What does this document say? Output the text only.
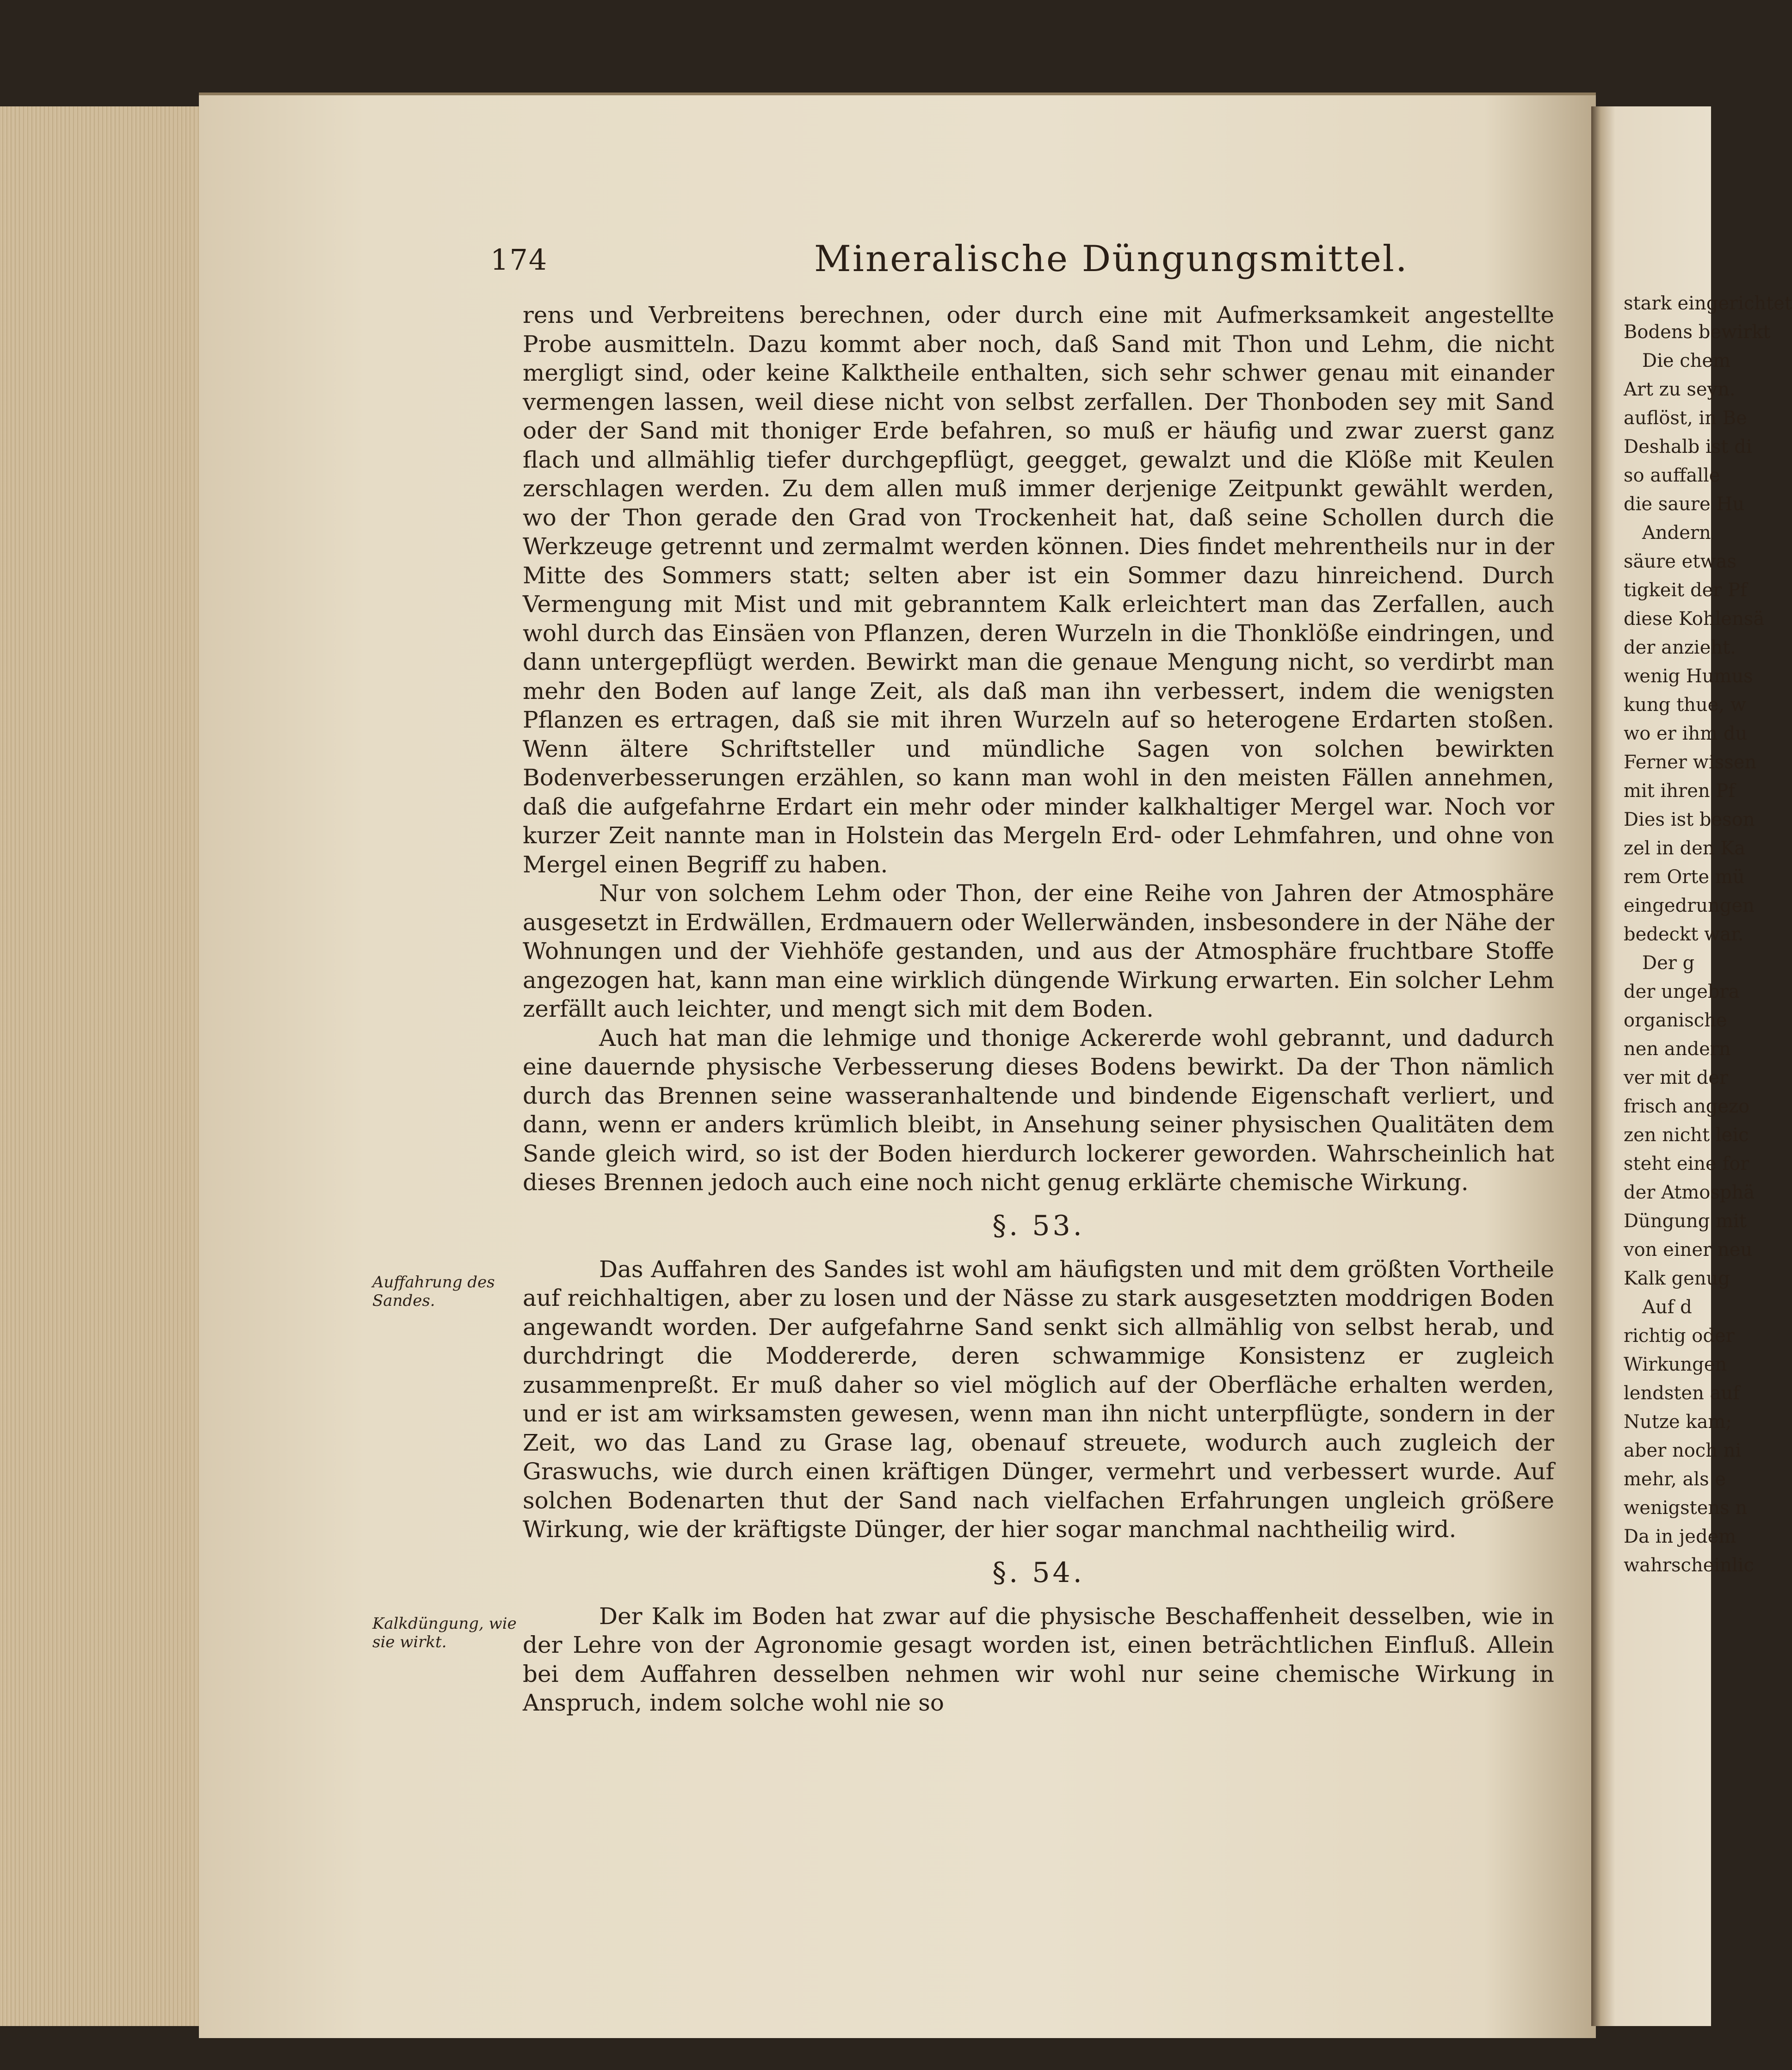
174	Mineralische Düngungsmittel.

rens und Verbreitens berechnen, oder durch eine mit Aufmerksamkeit angestellte Probe ausmitteln. Dazu kommt aber noch, daß Sand mit Thon und Lehm, die nicht mergligt sind, oder keine Kalktheile enthalten, sich sehr schwer genau mit einander vermengen lassen, weil diese nicht von selbst zerfallen. Der Thonboden sey mit Sand oder der Sand mit thoniger Erde befahren, so muß er häufig und zwar zuerst ganz flach und allmählig tiefer durchgepflügt, geegget, gewalzt und die Klöße mit Keulen zerschlagen werden. Zu dem allen muß immer derjenige Zeitpunkt gewählt werden, wo der Thon gerade den Grad von Trockenheit hat, daß seine Schollen durch die Werkzeuge getrennt und zermalmt werden können. Dies findet mehrentheils nur in der Mitte des Sommers statt; selten aber ist ein Sommer dazu hinreichend. Durch Vermengung mit Mist und mit gebranntem Kalk erleichtert man das Zerfallen, auch wohl durch das Einsäen von Pflanzen, deren Wurzeln in die Thonklöße eindringen, und dann untergepflügt werden. Bewirkt man die genaue Mengung nicht, so verdirbt man mehr den Boden auf lange Zeit, als daß man ihn verbessert, indem die wenigsten Pflanzen es ertragen, daß sie mit ihren Wurzeln auf so heterogene Erdarten stoßen. Wenn ältere Schriftsteller und mündliche Sagen von solchen bewirkten Bodenverbesserungen erzählen, so kann man wohl in den meisten Fällen annehmen, daß die aufgefahrne Erdart ein mehr oder minder kalkhaltiger Mergel war. Noch vor kurzer Zeit nannte man in Holstein das Mergeln Erd- oder Lehmfahren, und ohne von Mergel einen Begriff zu haben.

Nur von solchem Lehm oder Thon, der eine Reihe von Jahren der Atmosphäre ausgesetzt in Erdwällen, Erdmauern oder Wellerwänden, insbesondere in der Nähe der Wohnungen und der Viehhöfe gestanden, und aus der Atmosphäre fruchtbare Stoffe angezogen hat, kann man eine wirklich düngende Wirkung erwarten. Ein solcher Lehm zerfällt auch leichter, und mengt sich mit dem Boden.

Auch hat man die lehmige und thonige Ackererde wohl gebrannt, und dadurch eine dauernde physische Verbesserung dieses Bodens bewirkt. Da der Thon nämlich durch das Brennen seine wasseranhaltende und bindende Eigenschaft verliert, und dann, wenn er anders krümlich bleibt, in Ansehung seiner physischen Qualitäten dem Sande gleich wird, so ist der Boden hierdurch lockerer geworden. Wahrscheinlich hat dieses Brennen jedoch auch eine noch nicht genug erklärte chemische Wirkung.

§. 53.

Das Auffahren des Sandes ist wohl am häufigsten und mit dem größten Vortheile auf reichhaltigen, aber zu losen und der Nässe zu stark ausgesetzten moddrigen Boden angewandt worden. Der aufgefahrne Sand senkt sich allmählig von selbst herab, und durchdringt die Moddererde, deren schwammige Konsistenz er zugleich zusammenpreßt. Er muß daher so viel möglich auf der Oberfläche erhalten werden, und er ist am wirksamsten gewesen, wenn man ihn nicht unterpflügte, sondern in der Zeit, wo das Land zu Grase lag, obenauf streuete, wodurch auch zugleich der Graswuchs, wie durch einen kräftigen Dünger, vermehrt und verbessert wurde. Auf solchen Bodenarten thut der Sand nach vielfachen Erfahrungen ungleich größere Wirkung, wie der kräftigste Dünger, der hier sogar manchmal nachtheilig wird.

§. 54.

Der Kalk im Boden hat zwar auf die physische Beschaffenheit desselben, wie in der Lehre von der Agronomie gesagt worden ist, einen beträchtlichen Einfluß. Allein bei dem Auffahren desselben nehmen wir wohl nur seine chemische Wirkung in Anspruch, indem solche wohl nie so

Auffahrung des Sandes.
Kalkdüngung, wie sie wirkt.
stark eingerichtet
Bodens bewirkt
Die chem
Art zu seyn.
auflöst, in Be
Deshalb ist di
so auffalle
die saure Hu
Andern
säure etwas
tigkeit der Pf
diese Kohlensä
der anzieht.
wenig Humus
kung thue, w
wo er ihm du
Ferner wissen
mit ihren Pf
Dies ist beson
zel in den Ka
rem Orte mü
eingedrungen
bedeckt war.
Der g
der ungebra
organische
nen andern
ver mit der
frisch angezo
zen nicht leic
steht eine for
der Atmosphä
Düngung mit
von einer neu
Kalk genug
Auf d
richtig oder
Wirkungen
lendsten auf
Nutze kam;
aber noch ni
mehr, als e
wenigstens n
Da in jedem
wahrscheinlic
